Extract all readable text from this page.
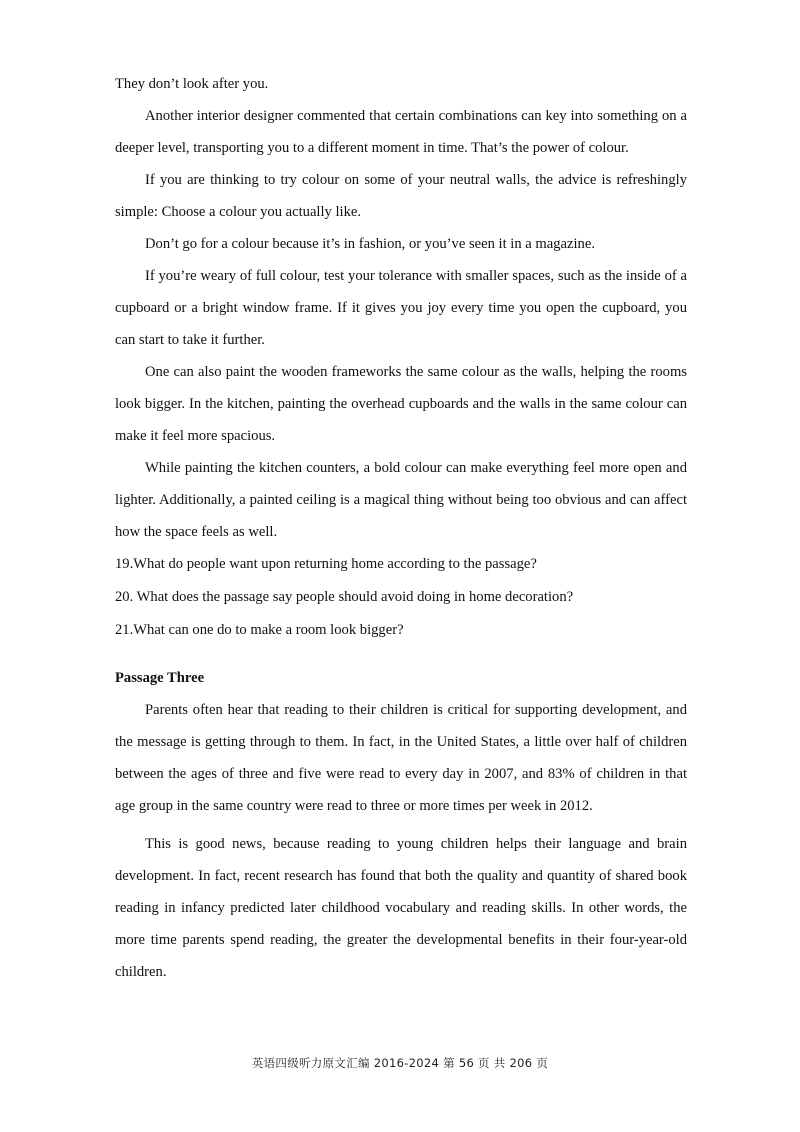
They don’t look after you.

Another interior designer commented that certain combinations can key into something on a deeper level, transporting you to a different moment in time. That’s the power of colour.

If you are thinking to try colour on some of your neutral walls, the advice is refreshingly simple: Choose a colour you actually like.

Don’t go for a colour because it’s in fashion, or you’ve seen it in a magazine.

If you’re weary of full colour, test your tolerance with smaller spaces, such as the inside of a cupboard or a bright window frame. If it gives you joy every time you open the cupboard, you can start to take it further.

One can also paint the wooden frameworks the same colour as the walls, helping the rooms look bigger. In the kitchen, painting the overhead cupboards and the walls in the same colour can make it feel more spacious.

While painting the kitchen counters, a bold colour can make everything feel more open and lighter. Additionally, a painted ceiling is a magical thing without being too obvious and can affect how the space feels as well.

19.What do people want upon returning home according to the passage?

20. What does the passage say people should avoid doing in home decoration?

21.What can one do to make a room look bigger?

Passage Three

Parents often hear that reading to their children is critical for supporting development, and the message is getting through to them. In fact, in the United States, a little over half of children between the ages of three and five were read to every day in 2007, and 83% of children in that age group in the same country were read to three or more times per week in 2012.

This is good news, because reading to young children helps their language and brain development. In fact, recent research has found that both the quality and quantity of shared book reading in infancy predicted later childhood vocabulary and reading skills. In other words, the more time parents spend reading, the greater the developmental benefits in their four-year-old children.

英语四级听力原文汇编 2016-2024 第 56 页 共 206 页
